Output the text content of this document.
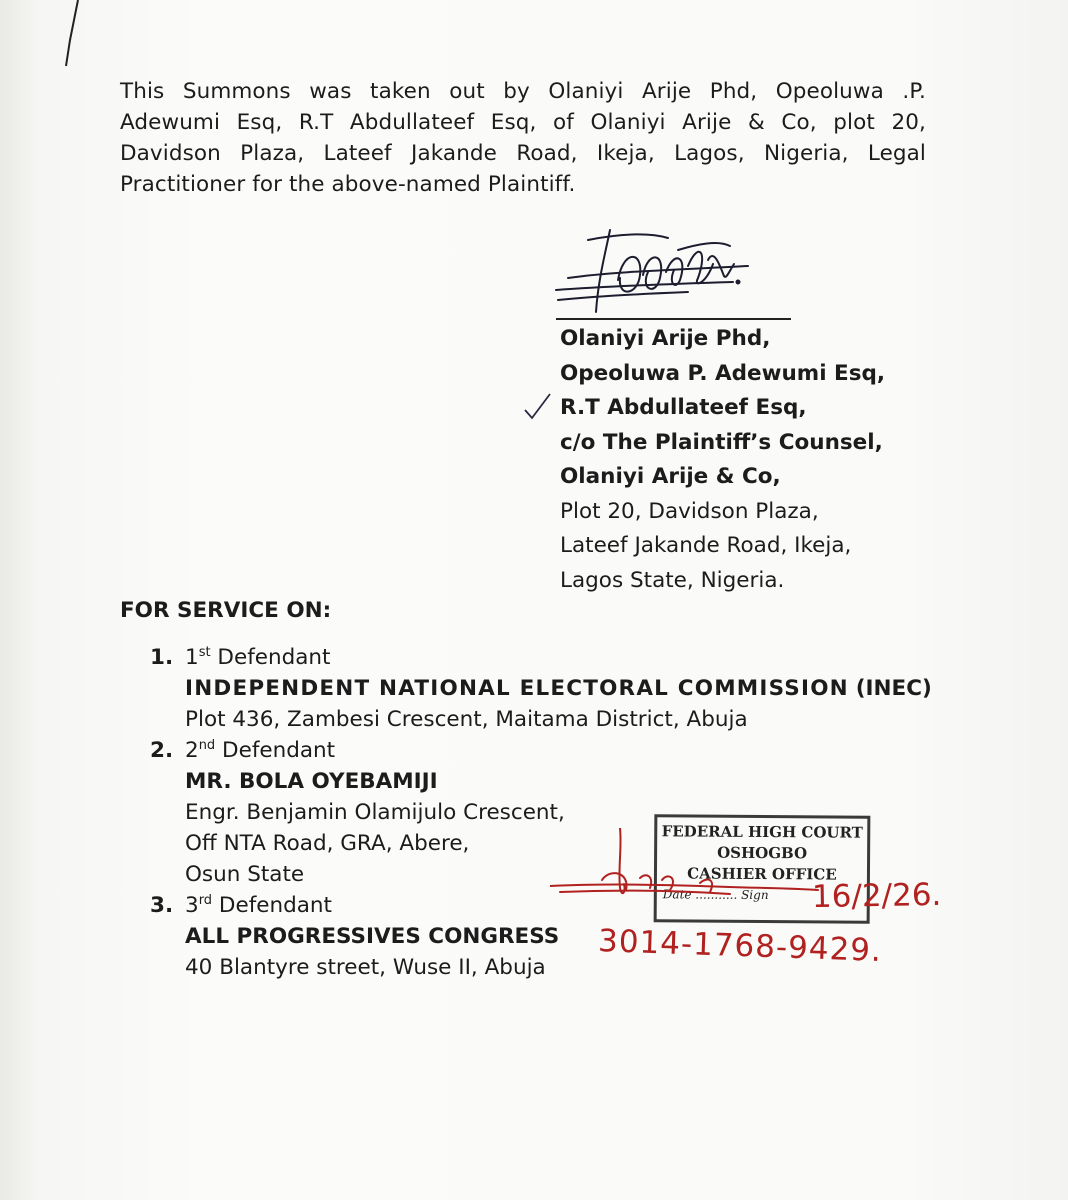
This Summons was taken out by Olaniyi Arije Phd, Opeoluwa .P.
Adewumi Esq, R.T Abdullateef Esq, of Olaniyi Arije & Co, plot 20,
Davidson Plaza, Lateef Jakande Road, Ikeja, Lagos, Nigeria, Legal
Practitioner for the above-named Plaintiff.

Olaniyi Arije Phd,
Opeoluwa P. Adewumi Esq,
R.T Abdullateef Esq,
c/o The Plaintiff’s Counsel,
Olaniyi Arije & Co,
Plot 20, Davidson Plaza,
Lateef Jakande Road, Ikeja,
Lagos State, Nigeria.

FOR SERVICE ON:

1. 1st Defendant
INDEPENDENT NATIONAL ELECTORAL COMMISSION (INEC)
Plot 436, Zambesi Crescent, Maitama District, Abuja
2. 2nd Defendant
MR. BOLA OYEBAMIJI
Engr. Benjamin Olamijulo Crescent,
Off NTA Road, GRA, Abere,
Osun State
3. 3rd Defendant
ALL PROGRESSIVES CONGRESS
40 Blantyre street, Wuse II, Abuja
FEDERAL HIGH COURT
OSHOGBO
CASHIER OFFICE
Date ........... Sign	16/2/26.
3014-1768-9429.
